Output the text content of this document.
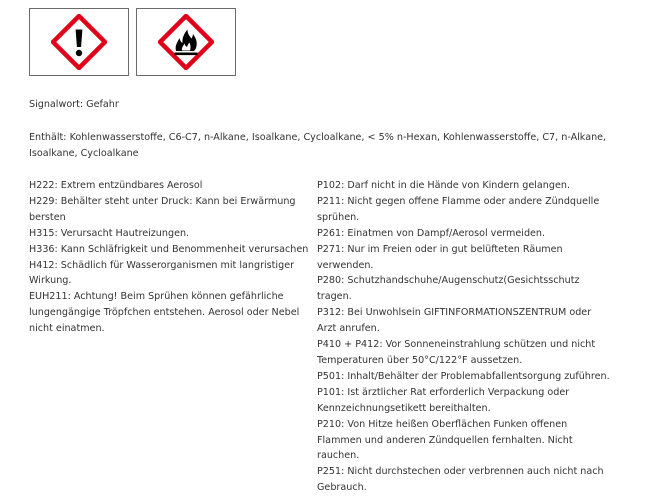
Signalwort: Gefahr
Enthält: Kohlenwasserstoffe, C6-C7, n-Alkane, Isoalkane, Cycloalkane, < 5% n-Hexan, Kohlenwasserstoffe, C7, n-Alkane, Isoalkane, Cycloalkane

H222: Extrem entzündbares Aerosol

H229: Behälter steht unter Druck: Kann bei Erwärmung bersten

H315: Verursacht Hautreizungen.

H336: Kann Schläfrigkeit und Benommenheit verursachen

H412: Schädlich für Wasserorganismen mit langristiger Wirkung.

EUH211: Achtung! Beim Sprühen können gefährliche lungengängige Tröpfchen entstehen. Aerosol oder Nebel nicht einatmen.

P102: Darf nicht in die Hände von Kindern gelangen.

P211: Nicht gegen offene Flamme oder andere Zündquelle sprühen.

P261: Einatmen von Dampf/Aerosol vermeiden.

P271: Nur im Freien oder in gut belüfteten Räumen verwenden.

P280: Schutzhandschuhe/Augenschutz(Gesichtsschutz tragen.

P312: Bei Unwohlsein GIFTINFORMATIONSZENTRUM oder Arzt anrufen.

P410 + P412: Vor Sonneneinstrahlung schützen und nicht Temperaturen über 50°C/122°F aussetzen.

P501: Inhalt/Behälter der Problemabfallentsorgung zuführen.

P101: Ist ärztlicher Rat erforderlich Verpackung oder Kennzeichnungsetikett bereithalten.

P210: Von Hitze heißen Oberflächen Funken offenen Flammen und anderen Zündquellen fernhalten. Nicht rauchen.

P251: Nicht durchstechen oder verbrennen auch nicht nach Gebrauch.
